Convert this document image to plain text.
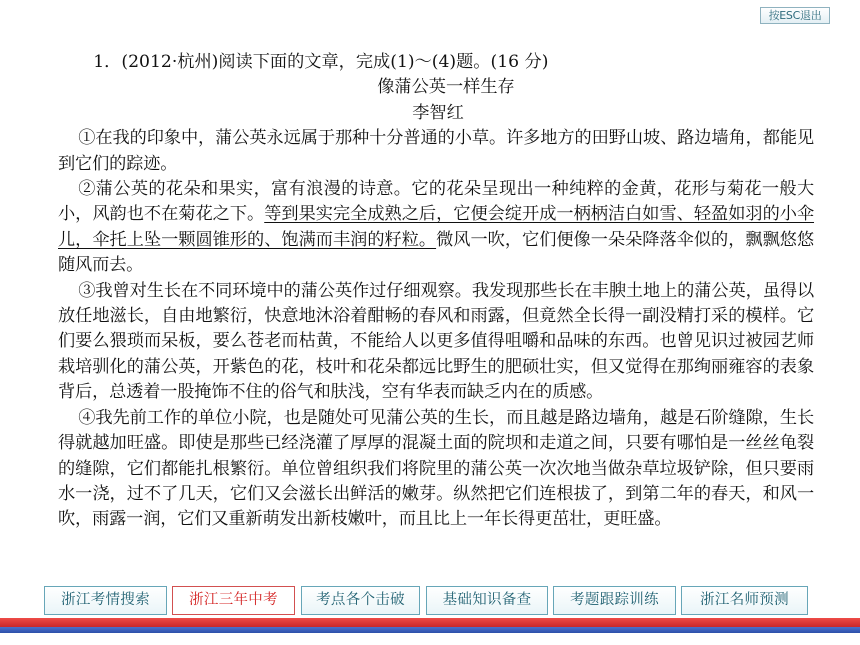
按ESC退出
1．(2012·杭州)阅读下面的文章，完成(1)～(4)题。(16 分)
像蒲公英一样生存
李智红
①在我的印象中，蒲公英永远属于那种十分普通的小草。许多地方的田野山坡、路边墙角，都能见到它们的踪迹。
②蒲公英的花朵和果实，富有浪漫的诗意。它的花朵呈现出一种纯粹的金黄，花形与菊花一般大小，风韵也不在菊花之下。等到果实完全成熟之后，它便会绽开成一柄柄洁白如雪、轻盈如羽的小伞儿，伞托上坠一颗圆锥形的、饱满而丰润的籽粒。微风一吹，它们便像一朵朵降落伞似的，飘飘悠悠随风而去。
③我曾对生长在不同环境中的蒲公英作过仔细观察。我发现那些长在丰腴土地上的蒲公英，虽得以放任地滋长，自由地繁衍，快意地沐浴着酣畅的春风和雨露，但竟然全长得一副没精打采的模样。它们要么猥琐而呆板，要么苍老而枯黄，不能给人以更多值得咀嚼和品味的东西。也曾见识过被园艺师栽培驯化的蒲公英，开紫色的花，枝叶和花朵都远比野生的肥硕壮实，但又觉得在那绚丽雍容的表象背后，总透着一股掩饰不住的俗气和肤浅，空有华表而缺乏内在的质感。
④我先前工作的单位小院，也是随处可见蒲公英的生长，而且越是路边墙角，越是石阶缝隙，生长得就越加旺盛。即使是那些已经浇灌了厚厚的混凝土面的院坝和走道之间，只要有哪怕是一丝丝龟裂的缝隙，它们都能扎根繁衍。单位曾组织我们将院里的蒲公英一次次地当做杂草垃圾铲除，但只要雨水一浇，过不了几天，它们又会滋长出鲜活的嫩芽。纵然把它们连根拔了，到第二年的春天，和风一吹，雨露一润，它们又重新萌发出新枝嫩叶，而且比上一年长得更茁壮，更旺盛。
浙江考情搜索	浙江三年中考	考点各个击破	基础知识备查	考题跟踪训练	浙江名师预测
